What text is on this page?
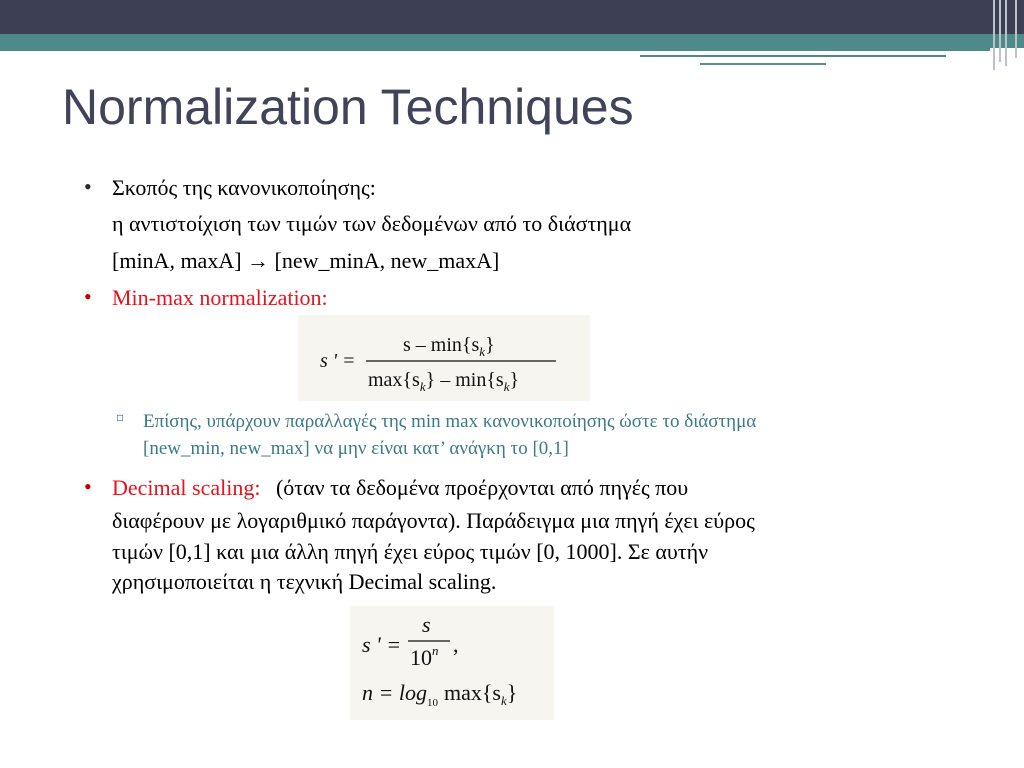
Normalization Techniques
• Σκοπός της κανονικοποίησης:
η αντιστοίχιση των τιμών των δεδομένων από το διάστημα
[minA, maxA] → [new_minA, new_maxA]
• Min-max normalization:
s ' =
s – $\min\{s_k\}$
$\max\{s_k\} - \min\{s_k\}$
▫ Επίσης, υπάρχουν παραλλαγές της min max κανονικοποίησης ώστε το διάστημα
[new_min, new_max] να μην είναι κατ’ ανάγκη το [0,1]
• Decimal scaling: (όταν τα δεδομένα προέρχονται από πηγές που
διαφέρουν με λογαριθμικό παράγοντα). Παράδειγμα μια πηγή έχει εύρος
τιμών [0,1] και μια άλλη πηγή έχει εύρος τιμών [0, 1000]. Σε αυτήν
χρησιμοποιείται η τεχνική Decimal scaling.
s ' =
s
10$^n$ ,
$n = \log_{10} \max\{s_k\}$
